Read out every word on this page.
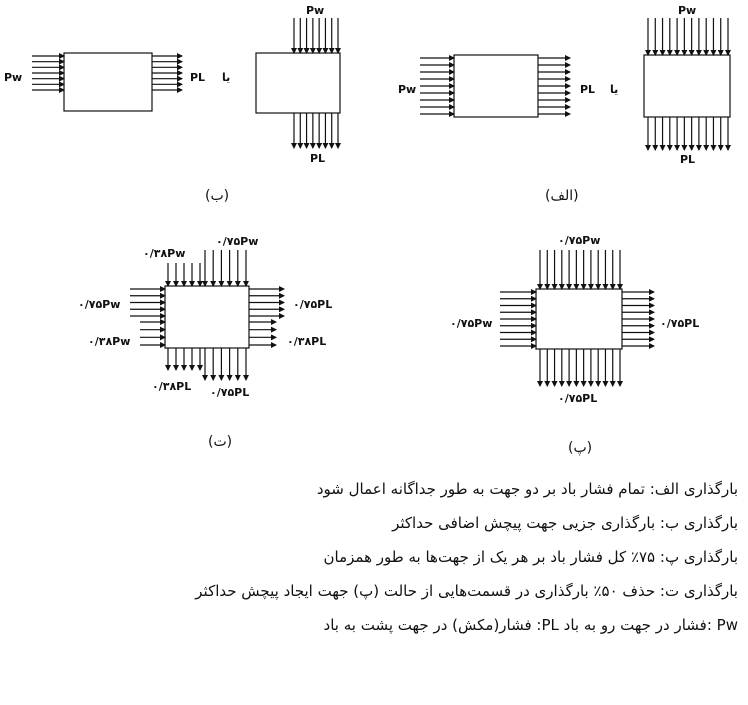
Pw	PL یا
Pw
PL
(ب)
Pw	PL یا
Pw
PL
(الف)
۰/۳۸Pw
۰/۷۵Pw
۰/۷۵Pw
۰/۳۸Pw
۰/۷۵PL
۰/۳۸PL
۰/۳۸PL ۰/۷۵PL
(ت)
۰/۷۵Pw
۰/۷۵Pw	۰/۷۵PL
۰/۷۵PL
(پ)
بارگذاری الف: تمام فشار باد بر دو جهت به طور جداگانه اعمال شود
بارگذاری ب: بارگذاری جزیی جهت پیچش اضافی حداکثر
بارگذاری پ: ۷۵٪ کل فشار باد بر هر یک از جهت‌ها به طور همزمان
بارگذاری ت: حذف ۵۰٪ بارگذاری در قسمت‌هایی از حالت (پ) جهت ایجاد پیچش حداکثر
Pw :فشار در جهت رو به باد PL: فشار(مکش) در جهت پشت به باد
